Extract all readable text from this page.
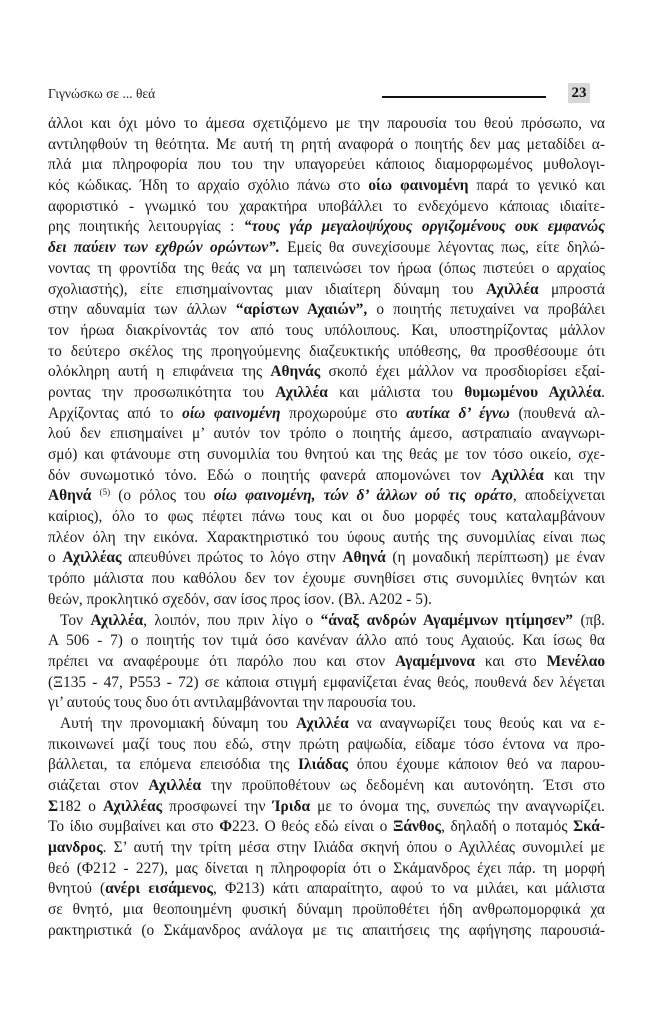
Γιγνώσκω σε ... θεά	23
άλλοι και όχι μόνο το άμεσα σχετιζόμενο με την παρουσία του θεού πρόσωπο, να
αντιληφθούν τη θεότητα. Με αυτή τη ρητή αναφορά ο ποιητής δεν μας μεταδίδει α-
πλά μια πληροφορία που του την υπαγορεύει κάποιος διαμορφωμένος μυθολογι-
κός κώδικας. Ήδη το αρχαίο σχόλιο πάνω στο οίω φαινομένη παρά το γενικό και
αφοριστικό - γνωμικό του χαρακτήρα υποβάλλει το ενδεχόμενο κάποιας ιδιαίτε-
ρης ποιητικής λειτουργίας : “τους γάρ μεγαλοψύχους οργιζομένους ουκ εμφανώς
δει παύειν των εχθρών ορώντων”. Εμείς θα συνεχίσουμε λέγοντας πως, είτε δηλώ-
νοντας τη φροντίδα της θεάς να μη ταπεινώσει τον ήρωα (όπως πιστεύει ο αρχαίος
σχολιαστής), είτε επισημαίνοντας μιαν ιδιαίτερη δύναμη του Αχιλλέα μπροστά
στην αδυναμία των άλλων “αρίστων Αχαιών”, ο ποιητής πετυχαίνει να προβάλει
τον ήρωα διακρίνοντάς τον από τους υπόλοιπους. Και, υποστηρίζοντας μάλλον
το δεύτερο σκέλος της προηγούμενης διαζευκτικής υπόθεσης, θα προσθέσουμε ότι
ολόκληρη αυτή η επιφάνεια της Αθηνάς σκοπό έχει μάλλον να προσδιορίσει εξαί-
ροντας την προσωπικότητα του Αχιλλέα και μάλιστα του θυμωμένου Αχιλλέα.
Αρχίζοντας από το οίω φαινομένη προχωρούμε στο αυτίκα δ’ έγνω (πουθενά αλ-
λού δεν επισημαίνει μ’ αυτόν τον τρόπο ο ποιητής άμεσο, αστραπιαίο αναγνωρι-
σμό) και φτάνουμε στη συνομιλία του θνητού και της θεάς με τον τόσο οικείο, σχε-
δόν συνωμοτικό τόνο. Εδώ ο ποιητής φανερά απομονώνει τον Αχιλλέα και την
Αθηνά $^{(5)}$ (ο ρόλος του οίω φαινομένη, τών δ’ άλλων ού τις οράτο, αποδείχνεται
καίριος), όλο το φως πέφτει πάνω τους και οι δυο μορφές τους καταλαμβάνουν
πλέον όλη την εικόνα. Χαρακτηριστικό του ύφους αυτής της συνομιλίας είναι πως
ο Αχιλλέας απευθύνει πρώτος το λόγο στην Αθηνά (η μοναδική περίπτωση) με έναν
τρόπο μάλιστα που καθόλου δεν τον έχουμε συνηθίσει στις συνομιλίες θνητών και
θεών, προκλητικό σχεδόν, σαν ίσος προς ίσον. (Βλ. Α202 - 5).
Τον Αχιλλέα, λοιπόν, που πριν λίγο ο “άναξ ανδρών Αγαμέμνων ητίμησεν” (πβ.
Α 506 - 7) ο ποιητής τον τιμά όσο κανέναν άλλο από τους Αχαιούς. Και ίσως θα
πρέπει να αναφέρουμε ότι παρόλο που και στον Αγαμέμνονα και στο Μενέλαο
(Ξ135 - 47, Ρ553 - 72) σε κάποια στιγμή εμφανίζεται ένας θεός, πουθενά δεν λέγεται
γι’ αυτούς τους δυο ότι αντιλαμβάνονται την παρουσία του.
Αυτή την προνομιακή δύναμη του Αχιλλέα να αναγνωρίζει τους θεούς και να ε-
πικοινωνεί μαζί τους που εδώ, στην πρώτη ραψωδία, είδαμε τόσο έντονα να προ-
βάλλεται, τα επόμενα επεισόδια της Ιλιάδας όπου έχουμε κάποιον θεό να παρου-
σιάζεται στον Αχιλλέα την προϋποθέτουν ως δεδομένη και αυτονόητη. Έτσι στο
Σ182 ο Αχιλλέας προσφωνεί την Ίριδα με το όνομα της, συνεπώς την αναγνωρίζει.
Το ίδιο συμβαίνει και στο Φ223. Ο θεός εδώ είναι ο Ξάνθος, δηλαδή ο ποταμός Σκά-
μανδρος. Σ’ αυτή την τρίτη μέσα στην Ιλιάδα σκηνή όπου ο Αχιλλέας συνομιλεί με
θεό (Φ212 - 227), μας δίνεται η πληροφορία ότι ο Σκάμανδρος έχει πάρ. τη μορφή
θνητού (ανέρι εισάμενος, Φ213) κάτι απαραίτητο, αφού το να μιλάει, και μάλιστα
σε θνητό, μια θεοποιημένη φυσική δύναμη προϋποθέτει ήδη ανθρωπομορφικά χα
ρακτηριστικά (ο Σκάμανδρος ανάλογα με τις απαιτήσεις της αφήγησης παρουσιά-
